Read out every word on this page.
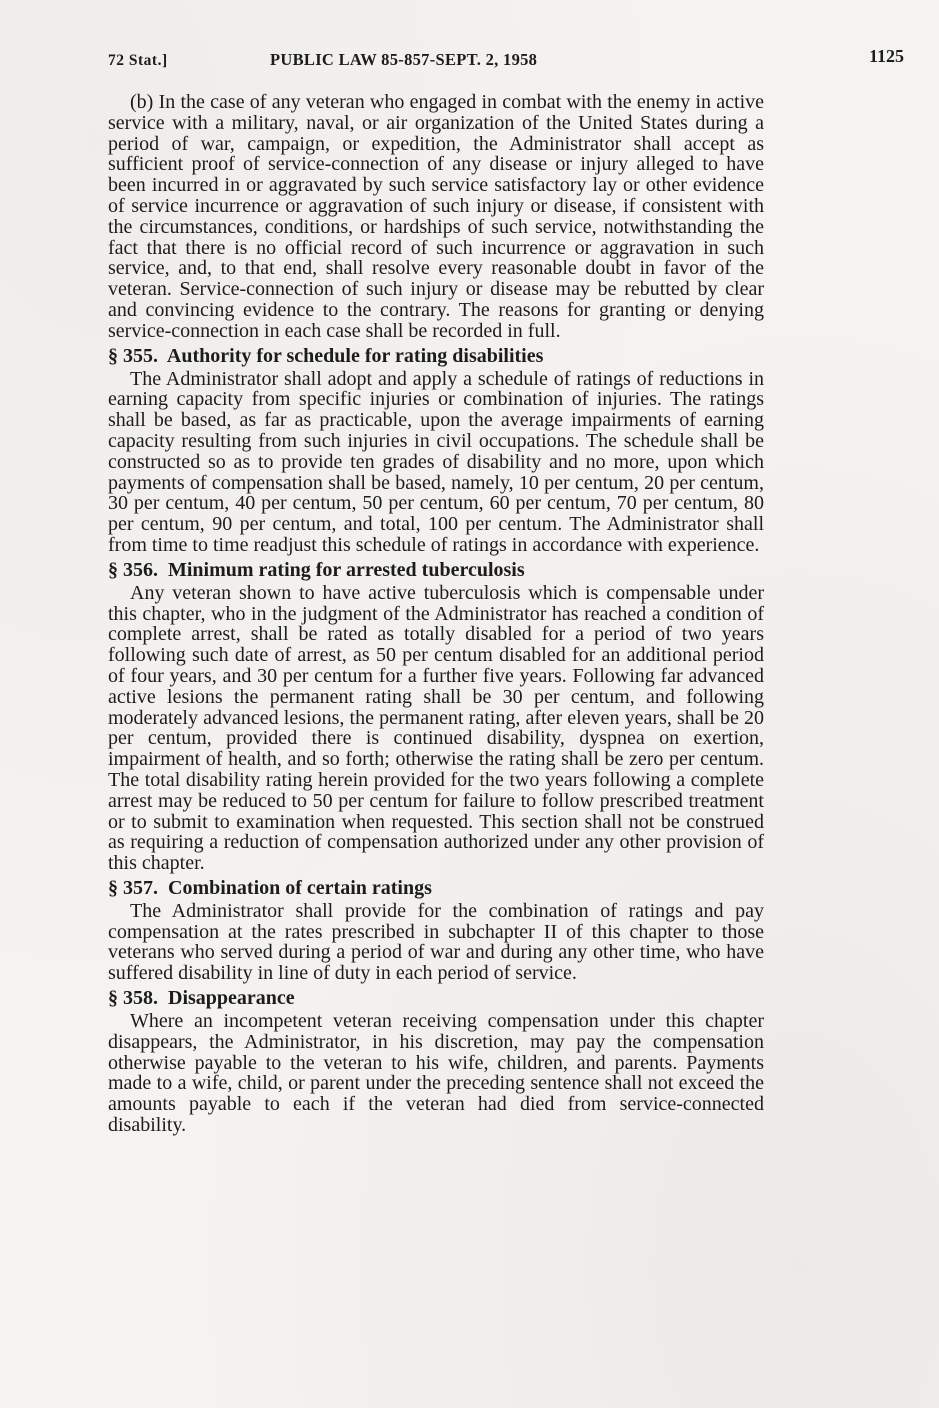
72 Stat.]	PUBLIC LAW 85-857-SEPT. 2, 1958	1125

(b) In the case of any veteran who engaged in combat with the enemy in active service with a military, naval, or air organization of the United States during a period of war, campaign, or expedition, the Administrator shall accept as sufficient proof of service-connection of any disease or injury alleged to have been incurred in or aggravated by such service satisfactory lay or other evidence of service incurrence or aggravation of such injury or disease, if consistent with the circumstances, conditions, or hardships of such service, notwithstanding the fact that there is no official record of such incurrence or aggravation in such service, and, to that end, shall resolve every reasonable doubt in favor of the veteran. Service-connection of such injury or disease may be rebutted by clear and convincing evidence to the contrary. The reasons for granting or denying service-connection in each case shall be recorded in full.

§ 355. Authority for schedule for rating disabilities

The Administrator shall adopt and apply a schedule of ratings of reductions in earning capacity from specific injuries or combination of injuries. The ratings shall be based, as far as practicable, upon the average impairments of earning capacity resulting from such injuries in civil occupations. The schedule shall be constructed so as to provide ten grades of disability and no more, upon which payments of compensation shall be based, namely, 10 per centum, 20 per centum, 30 per centum, 40 per centum, 50 per centum, 60 per centum, 70 per centum, 80 per centum, 90 per centum, and total, 100 per centum. The Administrator shall from time to time readjust this schedule of ratings in accordance with experience.

§ 356. Minimum rating for arrested tuberculosis

Any veteran shown to have active tuberculosis which is compensable under this chapter, who in the judgment of the Administrator has reached a condition of complete arrest, shall be rated as totally disabled for a period of two years following such date of arrest, as 50 per centum disabled for an additional period of four years, and 30 per centum for a further five years. Following far advanced active lesions the permanent rating shall be 30 per centum, and following moderately advanced lesions, the permanent rating, after eleven years, shall be 20 per centum, provided there is continued disability, dyspnea on exertion, impairment of health, and so forth; otherwise the rating shall be zero per centum. The total disability rating herein provided for the two years following a complete arrest may be reduced to 50 per centum for failure to follow prescribed treatment or to submit to examination when requested. This section shall not be construed as requiring a reduction of compensation authorized under any other provision of this chapter.

§ 357. Combination of certain ratings

The Administrator shall provide for the combination of ratings and pay compensation at the rates prescribed in subchapter II of this chapter to those veterans who served during a period of war and during any other time, who have suffered disability in line of duty in each period of service.

§ 358. Disappearance

Where an incompetent veteran receiving compensation under this chapter disappears, the Administrator, in his discretion, may pay the compensation otherwise payable to the veteran to his wife, children, and parents. Payments made to a wife, child, or parent under the preceding sentence shall not exceed the amounts payable to each if the veteran had died from service-connected disability.
